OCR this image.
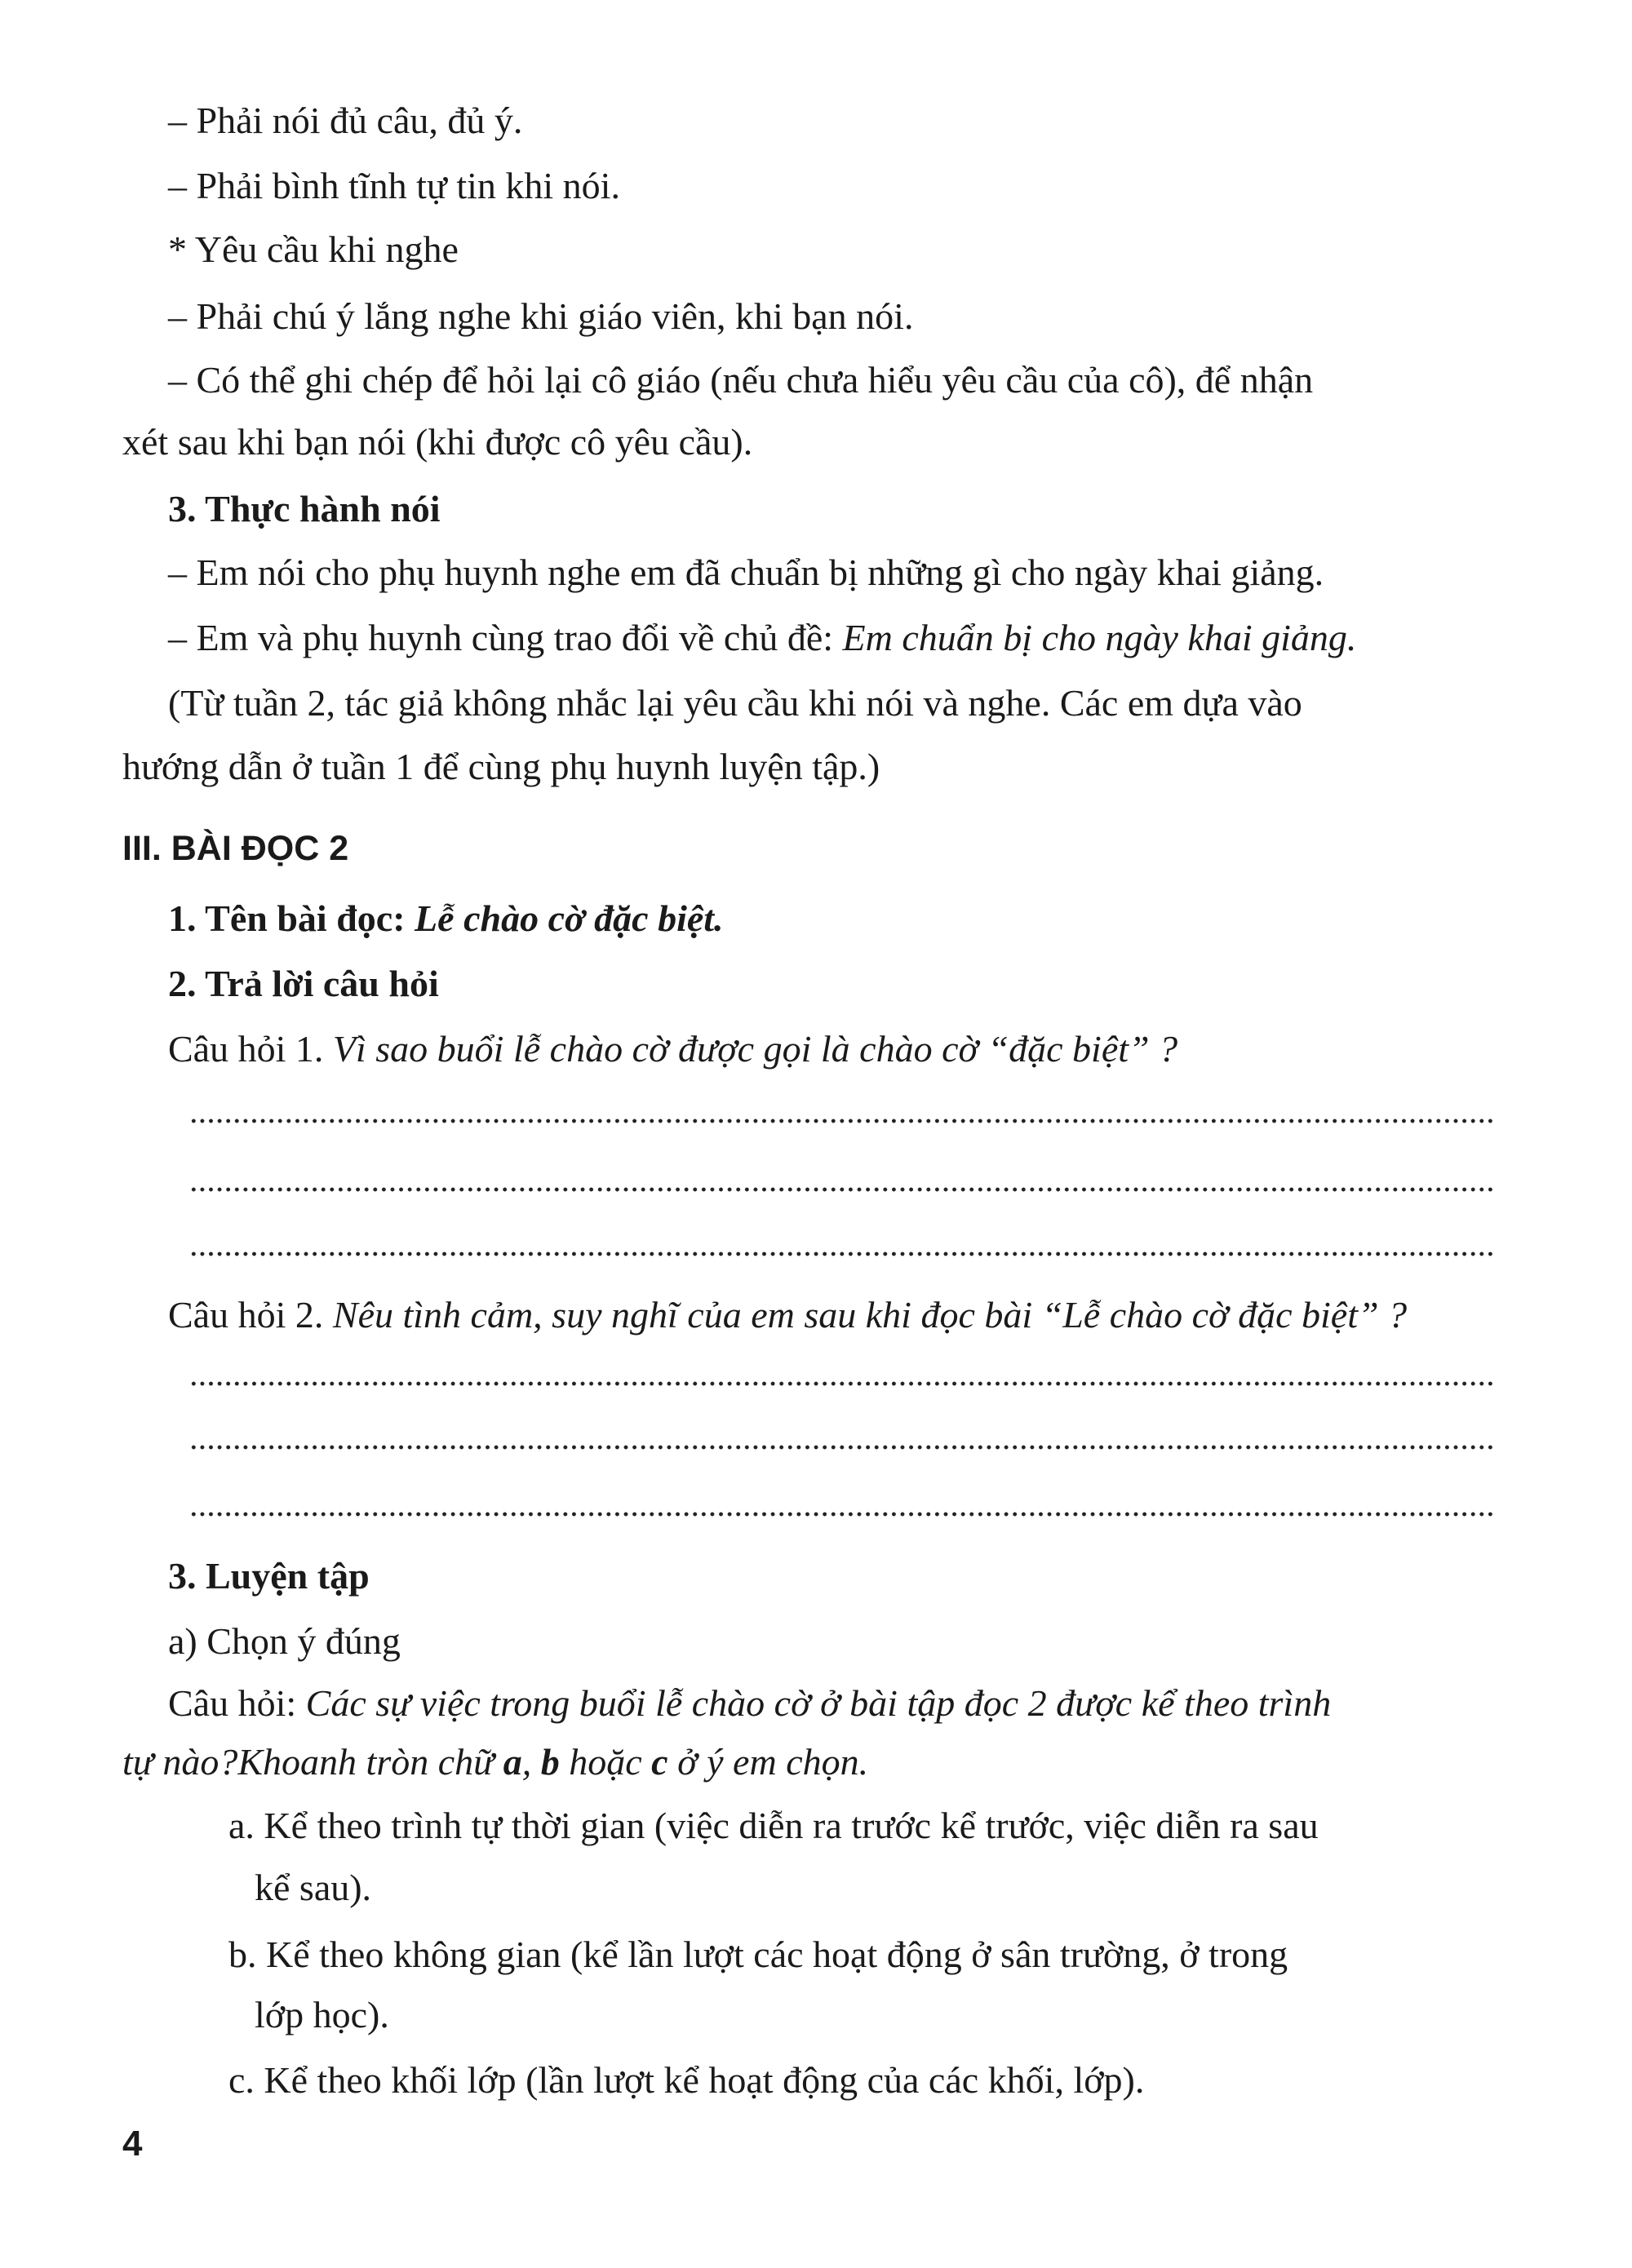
– Phải nói đủ câu, đủ ý.
– Phải bình tĩnh tự tin khi nói.
* Yêu cầu khi nghe
– Phải chú ý lắng nghe khi giáo viên, khi bạn nói.
– Có thể ghi chép để hỏi lại cô giáo (nếu chưa hiểu yêu cầu của cô), để nhận
xét sau khi bạn nói (khi được cô yêu cầu).
3. Thực hành nói
– Em nói cho phụ huynh nghe em đã chuẩn bị những gì cho ngày khai giảng.
– Em và phụ huynh cùng trao đổi về chủ đề: Em chuẩn bị cho ngày khai giảng.
(Từ tuần 2, tác giả không nhắc lại yêu cầu khi nói và nghe. Các em dựa vào
hướng dẫn ở tuần 1 để cùng phụ huynh luyện tập.)
III. BÀI ĐỌC 2
1. Tên bài đọc: Lễ chào cờ đặc biệt.
2. Trả lời câu hỏi
Câu hỏi 1. Vì sao buổi lễ chào cờ được gọi là chào cờ “đặc biệt” ?
Câu hỏi 2. Nêu tình cảm, suy nghĩ của em sau khi đọc bài “Lễ chào cờ đặc biệt” ?
3. Luyện tập
a) Chọn ý đúng
Câu hỏi: Các sự việc trong buổi lễ chào cờ ở bài tập đọc 2 được kể theo trình
tự nào?Khoanh tròn chữ a, b hoặc c ở ý em chọn.
a. Kể theo trình tự thời gian (việc diễn ra trước kể trước, việc diễn ra sau
kể sau).
b. Kể theo không gian (kể lần lượt các hoạt động ở sân trường, ở trong
lớp học).
c. Kể theo khối lớp (lần lượt kể hoạt động của các khối, lớp).
4
